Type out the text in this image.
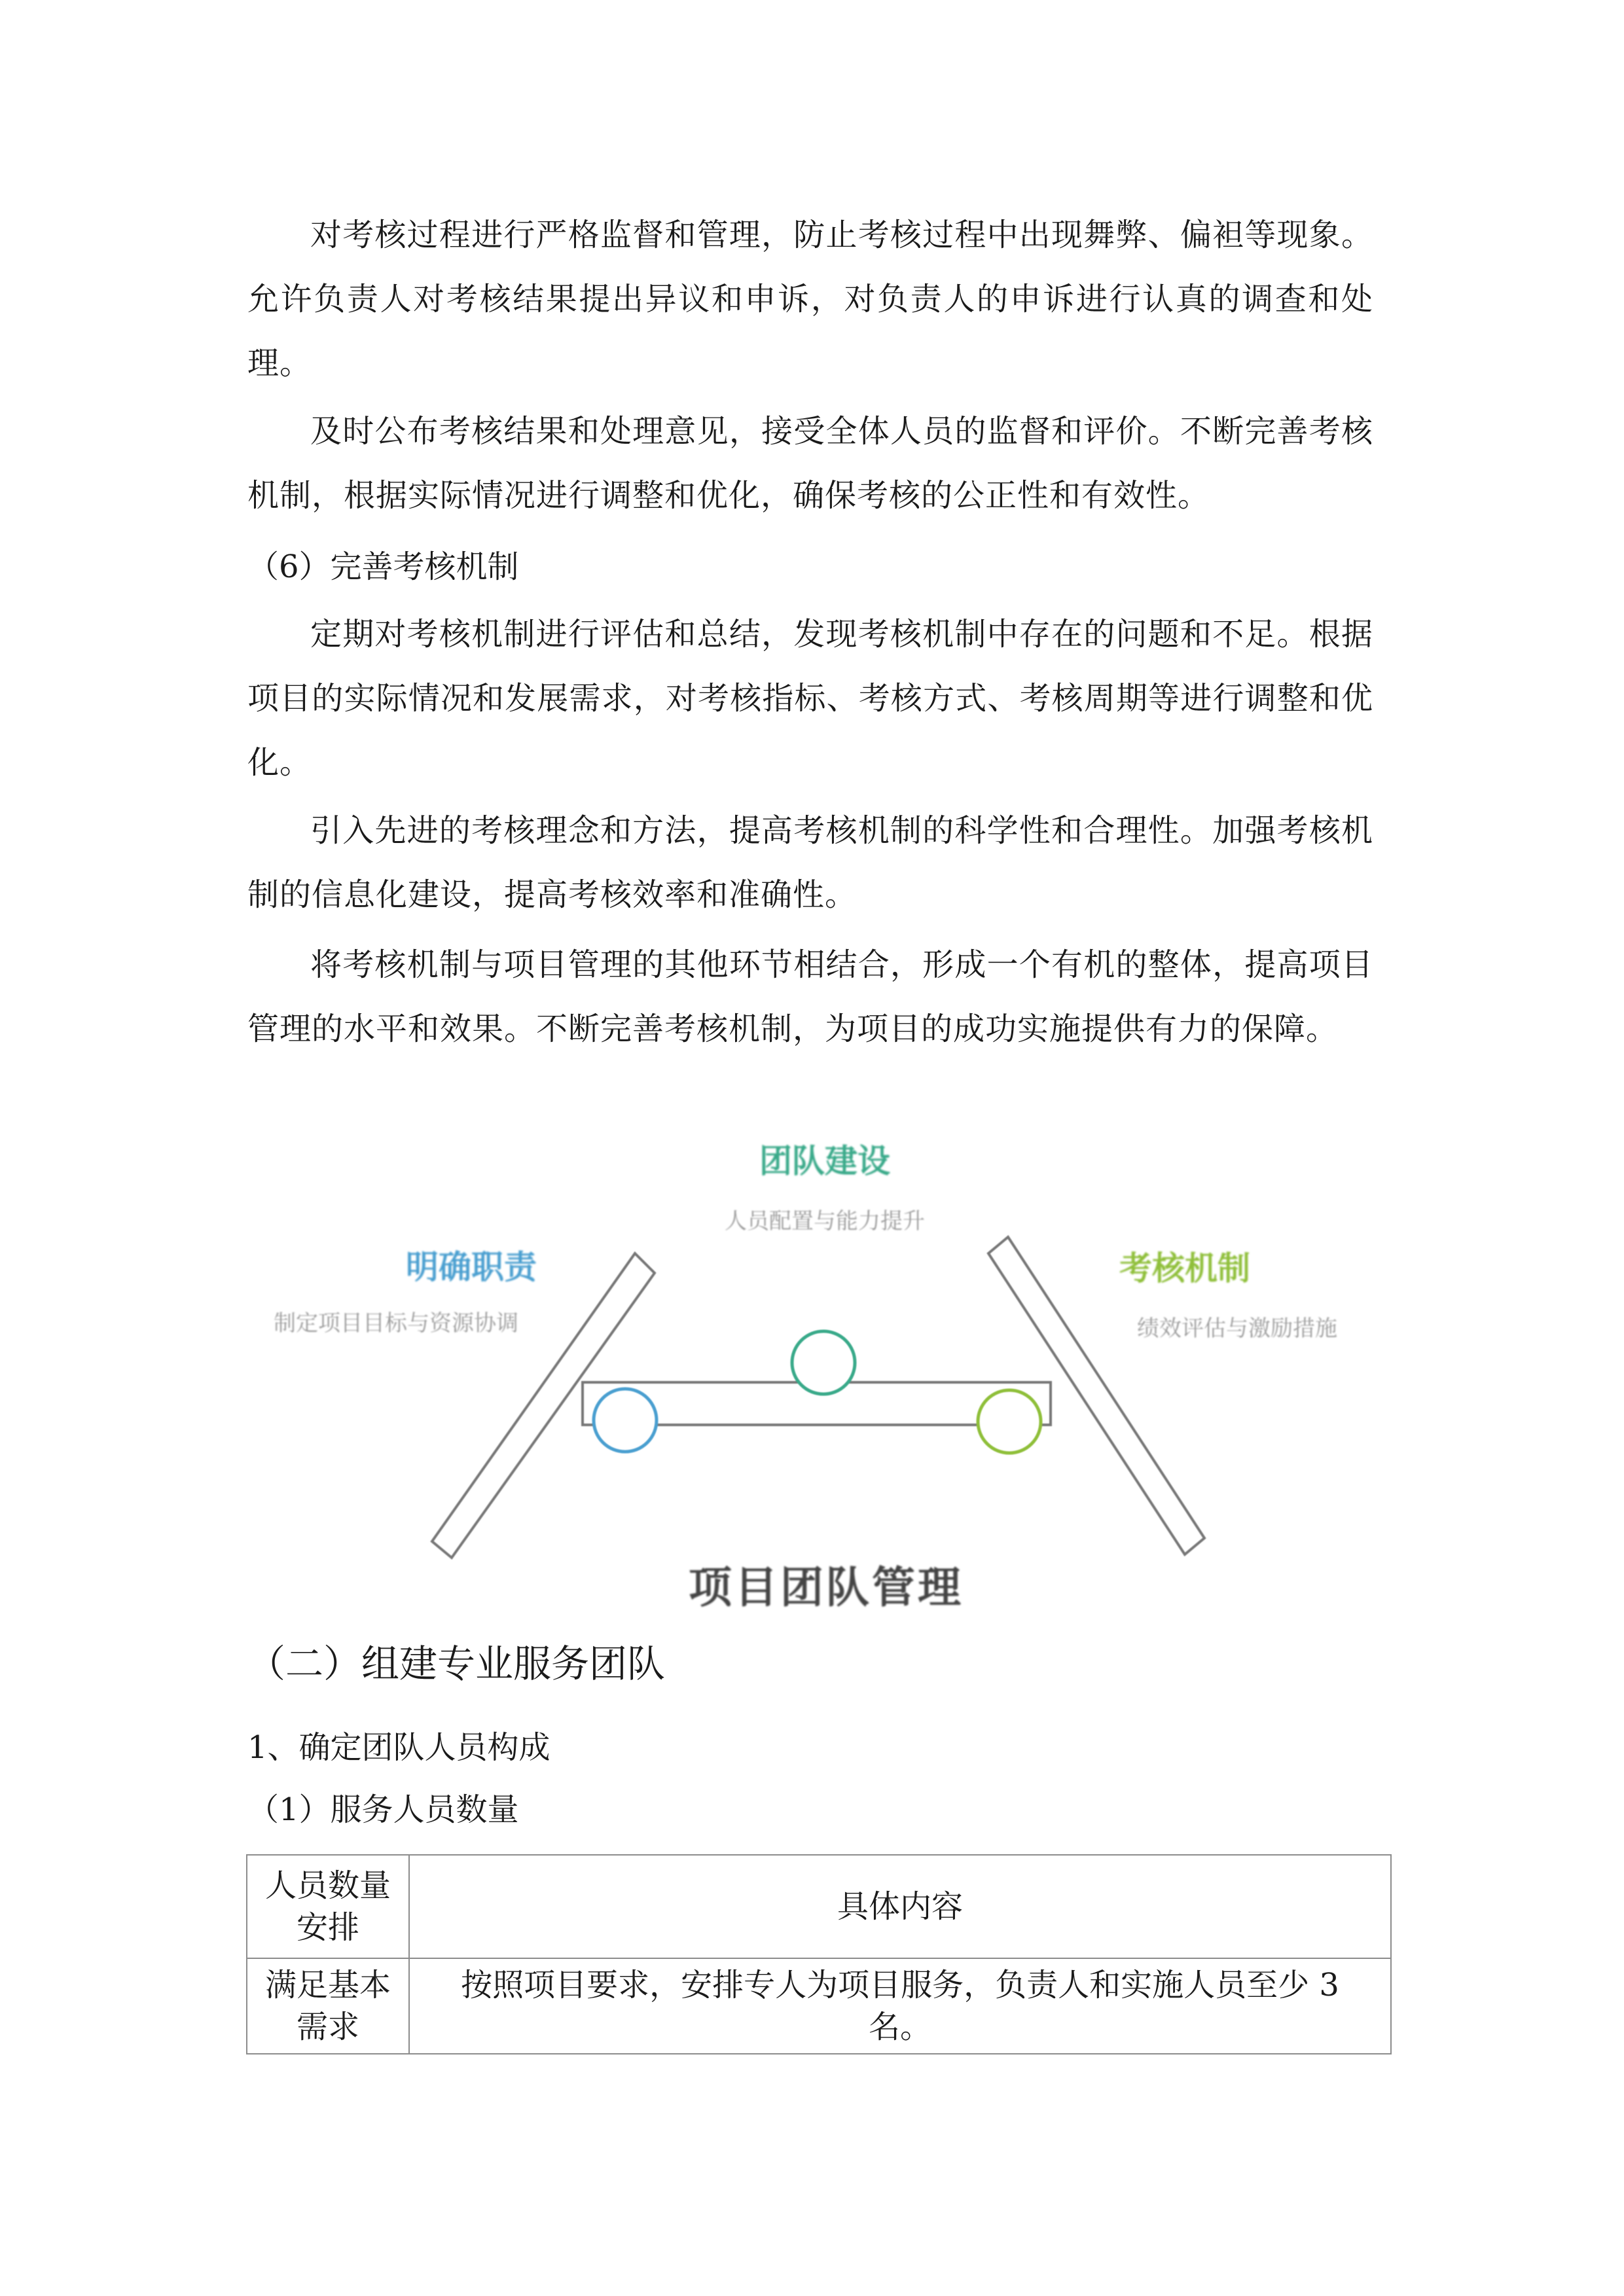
对考核过程进行严格监督和管理，防止考核过程中出现舞弊、偏袒等现象。允许负责人对考核结果提出异议和申诉，对负责人的申诉进行认真的调查和处理。

及时公布考核结果和处理意见，接受全体人员的监督和评价。不断完善考核机制，根据实际情况进行调整和优化，确保考核的公正性和有效性。

（6）完善考核机制

定期对考核机制进行评估和总结，发现考核机制中存在的问题和不足。根据项目的实际情况和发展需求，对考核指标、考核方式、考核周期等进行调整和优化。

引入先进的考核理念和方法，提高考核机制的科学性和合理性。加强考核机制的信息化建设，提高考核效率和准确性。

将考核机制与项目管理的其他环节相结合，形成一个有机的整体，提高项目管理的水平和效果。不断完善考核机制，为项目的成功实施提供有力的保障。

团队建设
人员配置与能力提升
明确职责
制定项目目标与资源协调
考核机制
绩效评估与激励措施
项目团队管理

（二）组建专业服务团队

1、确定团队人员构成

（1）服务人员数量

人员数量安排	具体内容
满足基本需求	按照项目要求，安排专人为项目服务，负责人和实施人员至少 3 名。
